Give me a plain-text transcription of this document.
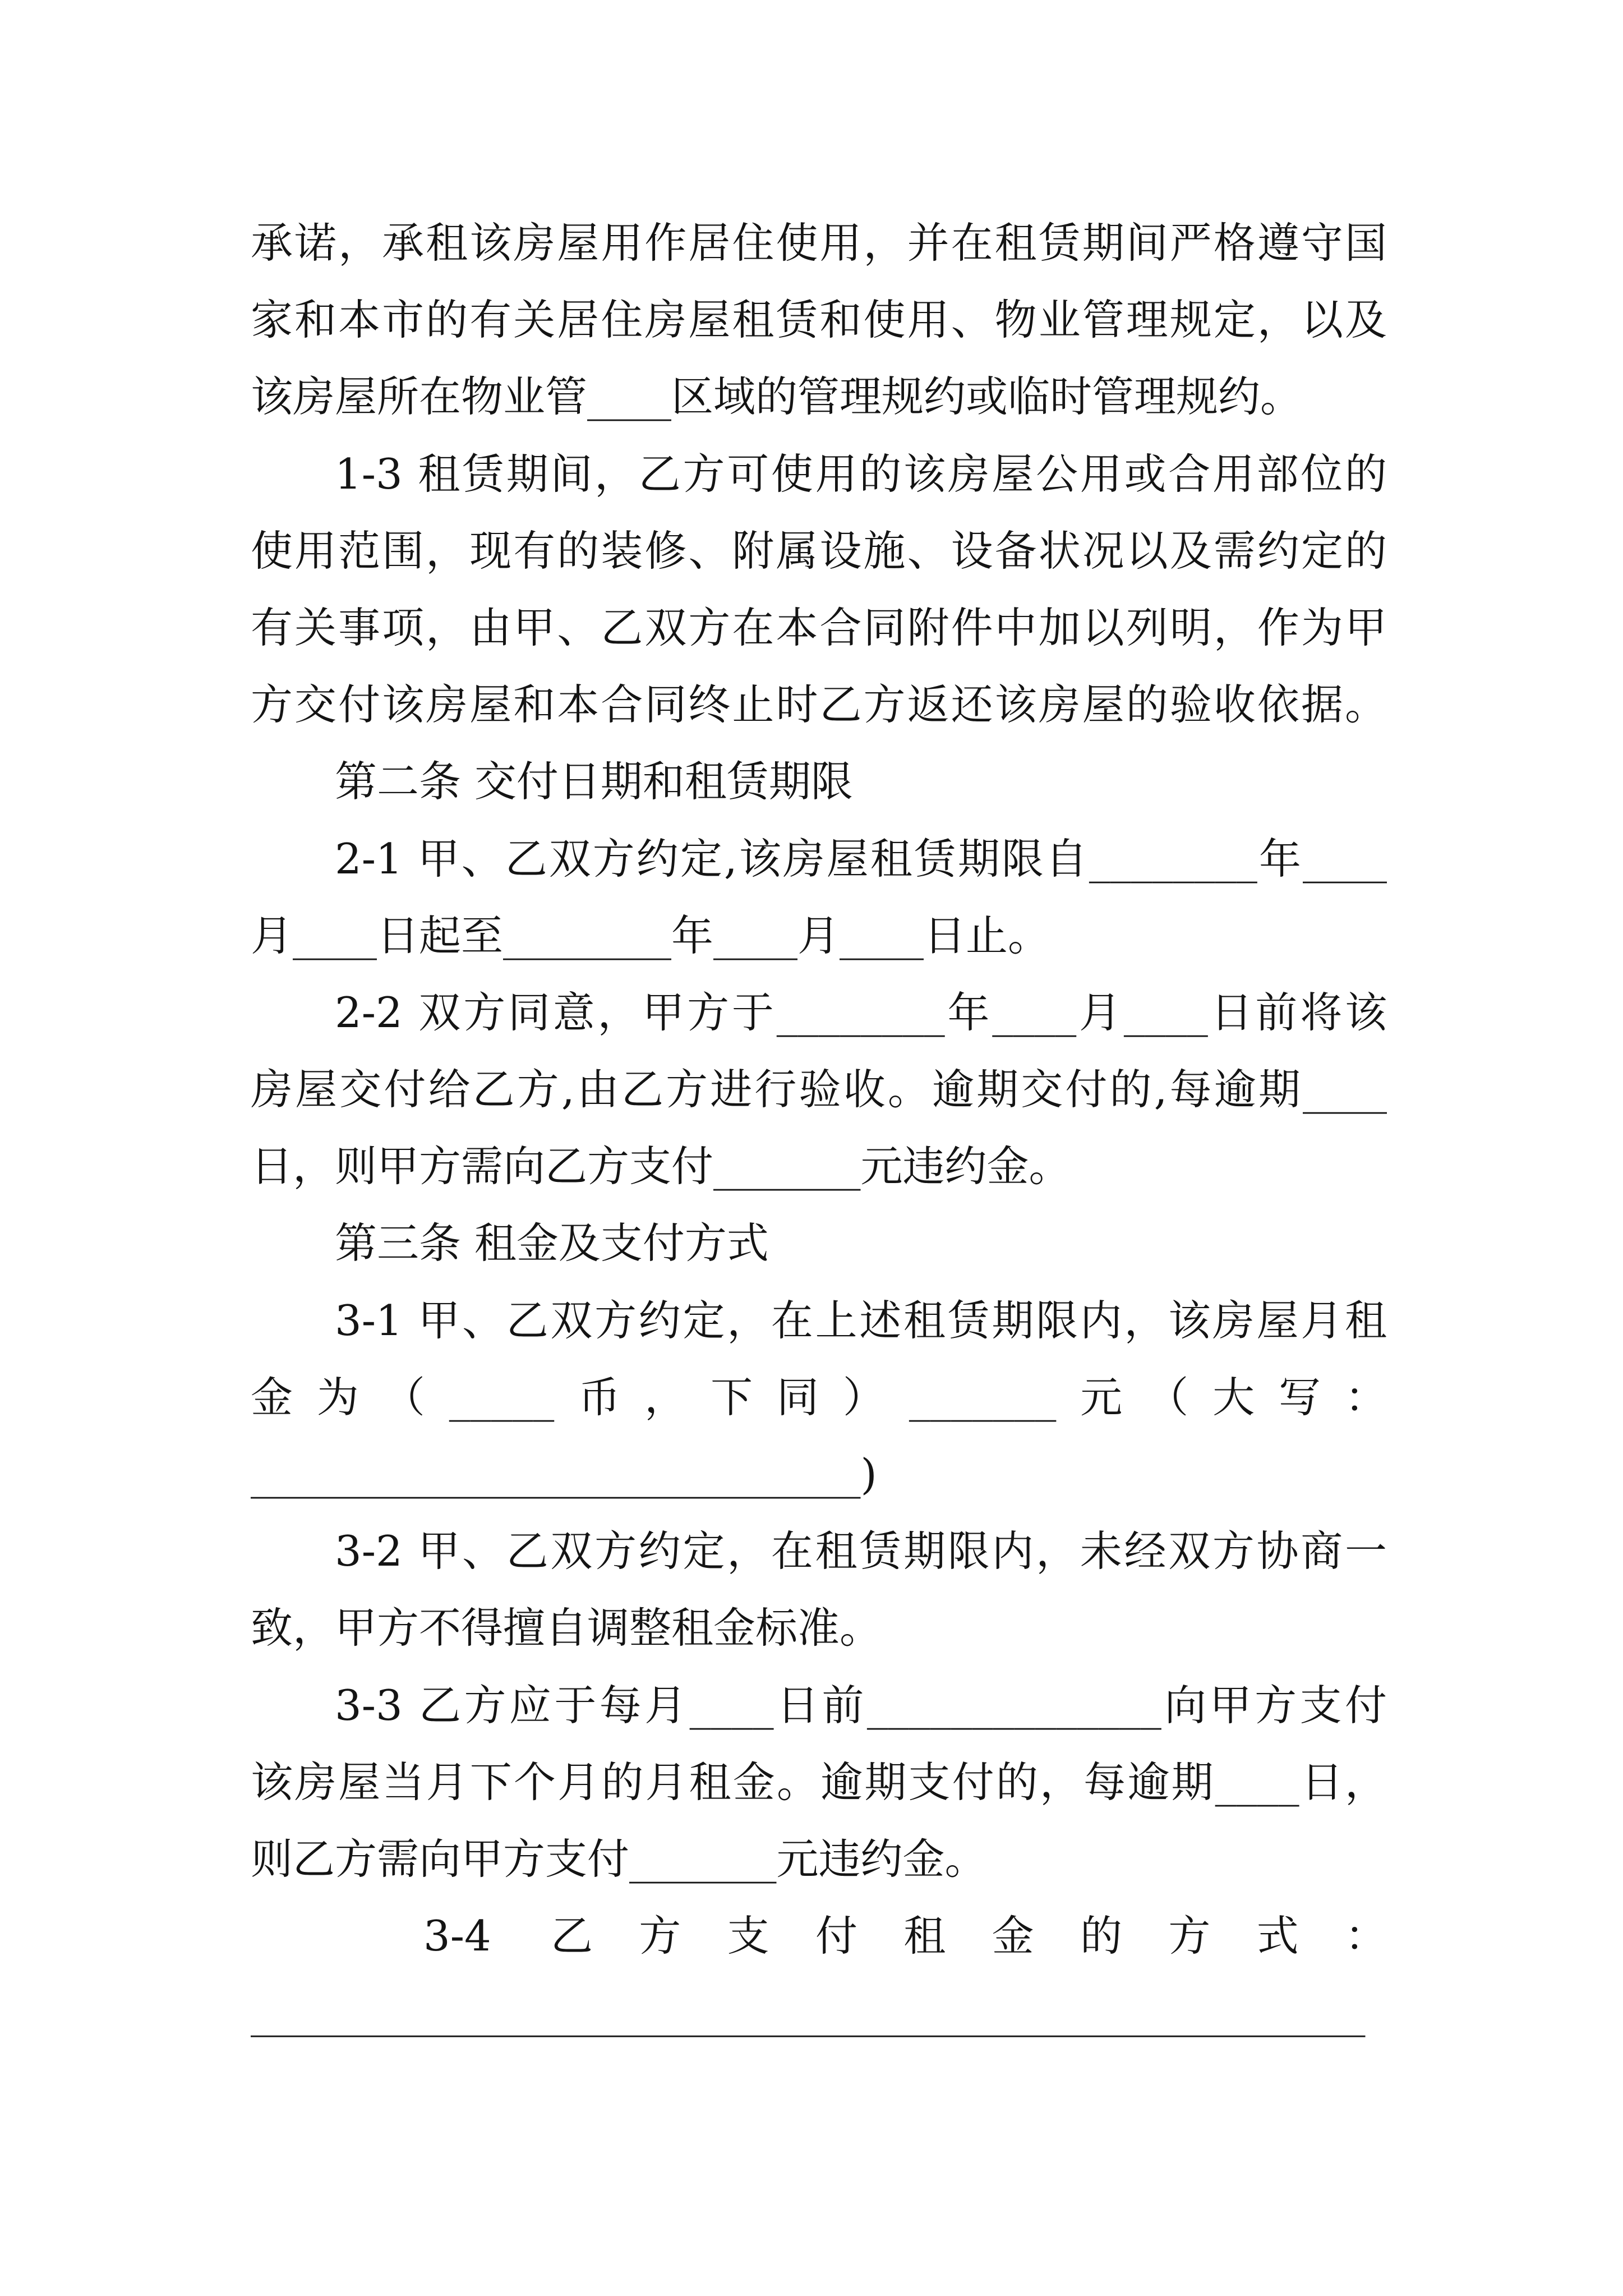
承诺，承租该房屋用作居住使用，并在租赁期间严格遵守国
家和本市的有关居住房屋租赁和使用、物业管理规定，以及
该房屋所在物业管____区域的管理规约或临时管理规约。
1-3 租赁期间，乙方可使用的该房屋公用或合用部位的
使用范围，现有的装修、附属设施、设备状况以及需约定的
有关事项，由甲、乙双方在本合同附件中加以列明，作为甲
方交付该房屋和本合同终止时乙方返还该房屋的验收依据。
第二条 交付日期和租赁期限
2-1 甲、乙双方约定,该房屋租赁期限自________年____
月____日起至________年____月____日止。
2-2 双方同意，甲方于________年____月____日前将该
房屋交付给乙方,由乙方进行验收。逾期交付的,每逾期____
日，则甲方需向乙方支付_______元违约金。
第三条 租金及支付方式
3-1 甲、乙双方约定，在上述租赁期限内，该房屋月租
金为（_____币，下同）_______元（大写：
_____________________________)
3-2 甲、乙双方约定，在租赁期限内，未经双方协商一
致，甲方不得擅自调整租金标准。
3-3 乙方应于每月____日前______________向甲方支付
该房屋当月下个月的月租金。逾期支付的，每逾期____日，
则乙方需向甲方支付_______元违约金。
3-4 乙方支付租金的方式：
_____________________________________________________
